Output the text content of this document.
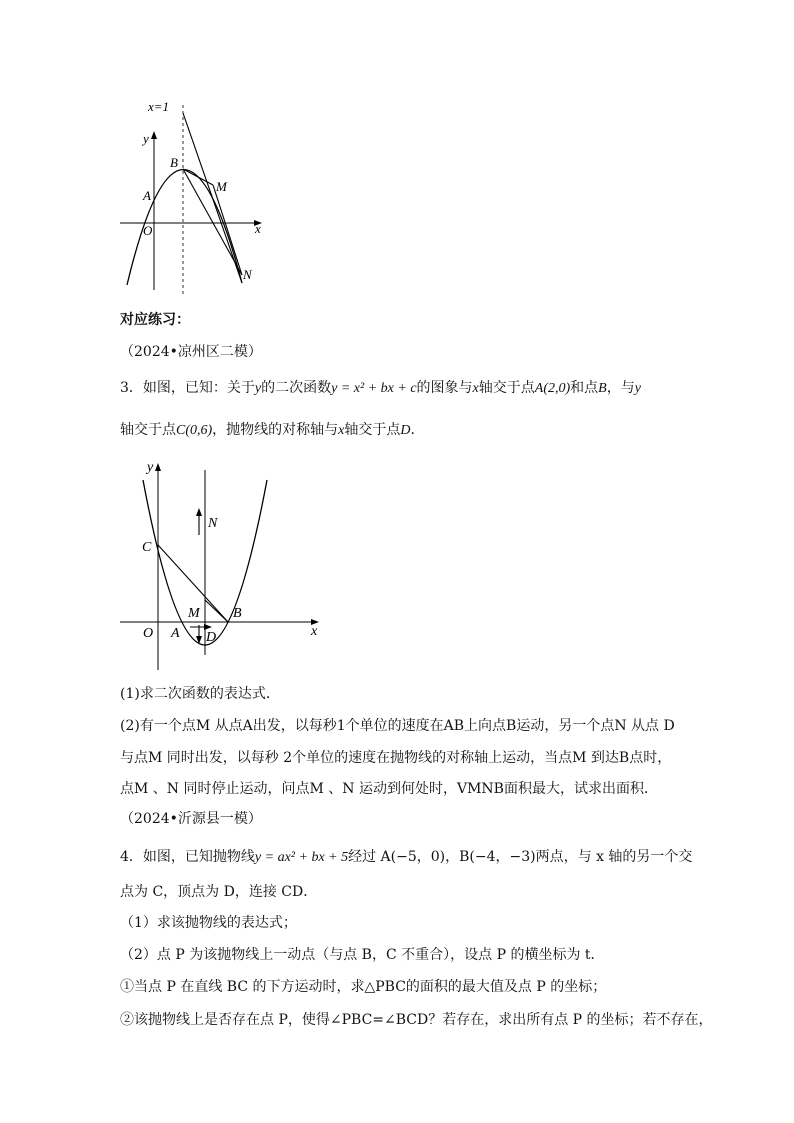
x=1
y
x
B
M
A
O
N
对应练习：
（2024•凉州区二模）
3．如图，已知：关于y的二次函数y = x² + bx + c的图象与x轴交于点A(2,0)和点B，与y
轴交于点C(0,6)，抛物线的对称轴与x轴交于点D.
y
N
C
M B
O A D	x
(1)求二次函数的表达式．
(2)有一个点M 从点A出发，以每秒1个单位的速度在AB上向点B运动，另一个点N 从点 D
与点M 同时出发，以每秒 2个单位的速度在抛物线的对称轴上运动，当点M 到达B点时，
点M 、N 同时停止运动，问点M 、N 运动到何处时，VMNB面积最大，试求出面积．
（2024•沂源县一模）
4．如图，已知抛物线y = ax² + bx + 5经过 A(−5，0)，B(−4，−3)两点，与 x 轴的另一个交
点为 C，顶点为 D，连接 CD．
（1）求该抛物线的表达式；
（2）点 P 为该抛物线上一动点（与点 B，C 不重合），设点 P 的横坐标为 t．
①当点 P 在直线 BC 的下方运动时，求△PBC的面积的最大值及点 P 的坐标；
②该抛物线上是否存在点 P，使得∠PBC=∠BCD？若存在，求出所有点 P 的坐标；若不存在，
